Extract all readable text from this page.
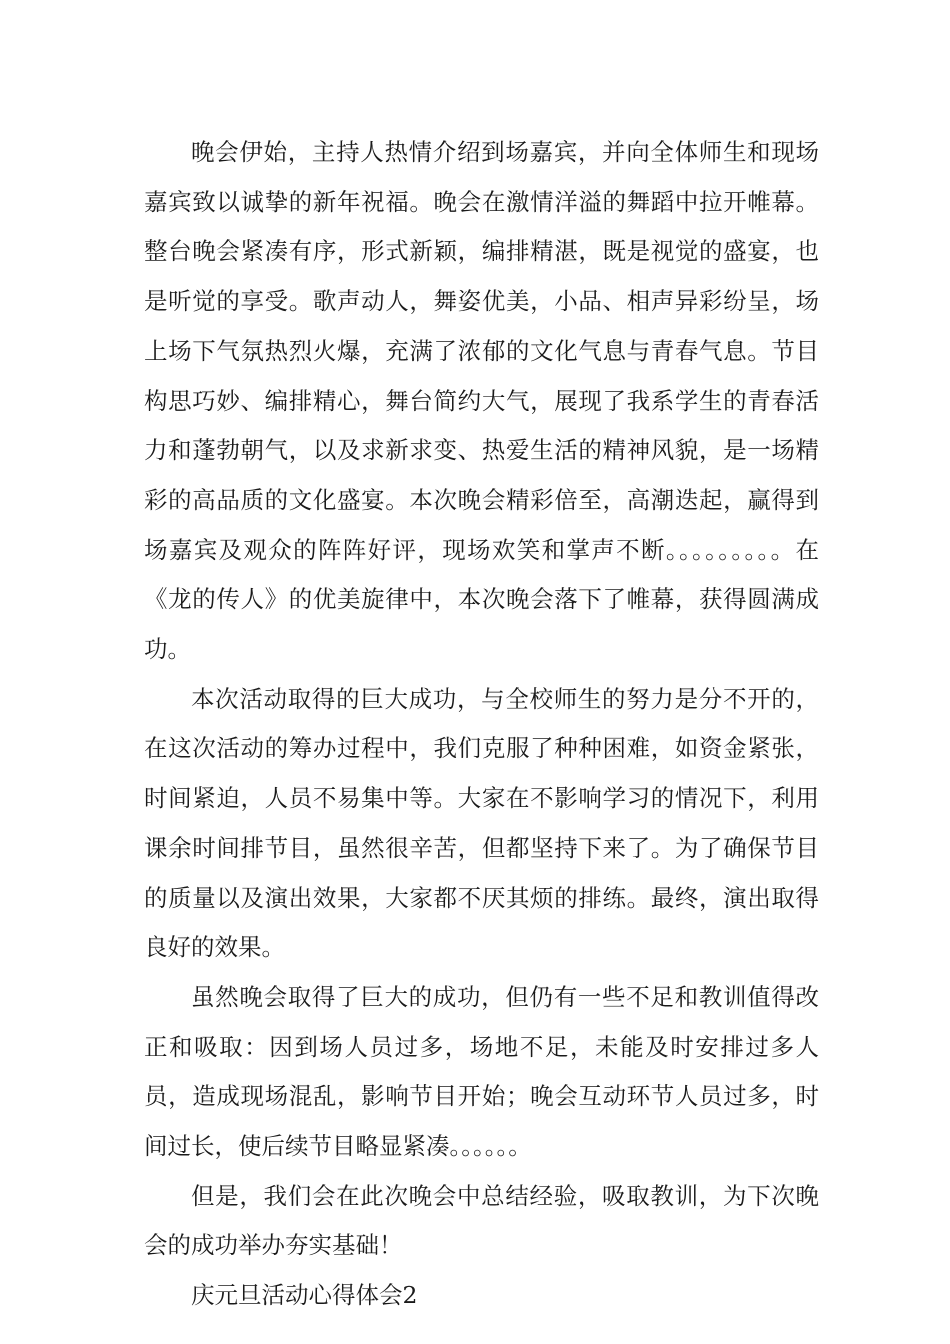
晚会伊始，主持人热情介绍到场嘉宾，并向全体师生和现场嘉宾致以诚挚的新年祝福。晚会在激情洋溢的舞蹈中拉开帷幕。整台晚会紧凑有序，形式新颖，编排精湛，既是视觉的盛宴，也是听觉的享受。歌声动人，舞姿优美，小品、相声异彩纷呈，场上场下气氛热烈火爆，充满了浓郁的文化气息与青春气息。节目构思巧妙、编排精心，舞台简约大气，展现了我系学生的青春活力和蓬勃朝气，以及求新求变、热爱生活的精神风貌，是一场精彩的高品质的文化盛宴。本次晚会精彩倍至，高潮迭起，赢得到场嘉宾及观众的阵阵好评，现场欢笑和掌声不断。。。。。。。。。在《龙的传人》的优美旋律中，本次晚会落下了帷幕，获得圆满成功。

本次活动取得的巨大成功，与全校师生的努力是分不开的，在这次活动的筹办过程中，我们克服了种种困难，如资金紧张，时间紧迫，人员不易集中等。大家在不影响学习的情况下，利用课余时间排节目，虽然很辛苦，但都坚持下来了。为了确保节目的质量以及演出效果，大家都不厌其烦的排练。最终，演出取得良好的效果。

虽然晚会取得了巨大的成功，但仍有一些不足和教训值得改正和吸取：因到场人员过多，场地不足，未能及时安排过多人员，造成现场混乱，影响节目开始；晚会互动环节人员过多，时间过长，使后续节目略显紧凑。。。。。。

但是，我们会在此次晚会中总结经验，吸取教训，为下次晚会的成功举办夯实基础！

庆元旦活动心得体会2
